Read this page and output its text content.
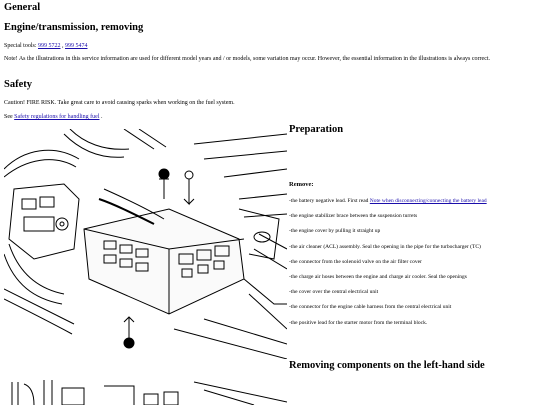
General
Engine/transmission, removing
Special tools: 999 5722 , 999 5474
Note! As the illustrations in this service information are used for different model years and / or models, some variation may occur. However, the essential information in the illustrations is always correct.
Safety
Caution! FIRE RISK. Take great care to avoid causing sparks when working on the fuel system.
See Safety regulations for handling fuel .
Preparation
Remove:
-the battery negative lead. First read Note when disconnecting/connecting the battery lead
-the engine stabilizer brace between the suspension turrets
-the engine cover by pulling it straight up
-the air cleaner (ACL) assembly. Seal the opening in the pipe for the turbocharger (TC)
-the connector from the solenoid valve on the air filter cover
-the charge air hoses between the engine and charge air cooler. Seal the openings
-the cover over the central electrical unit
-the connector for the engine cable harness from the central electrical unit
-the positive lead for the starter motor from the terminal block.
Removing components on the left-hand side
